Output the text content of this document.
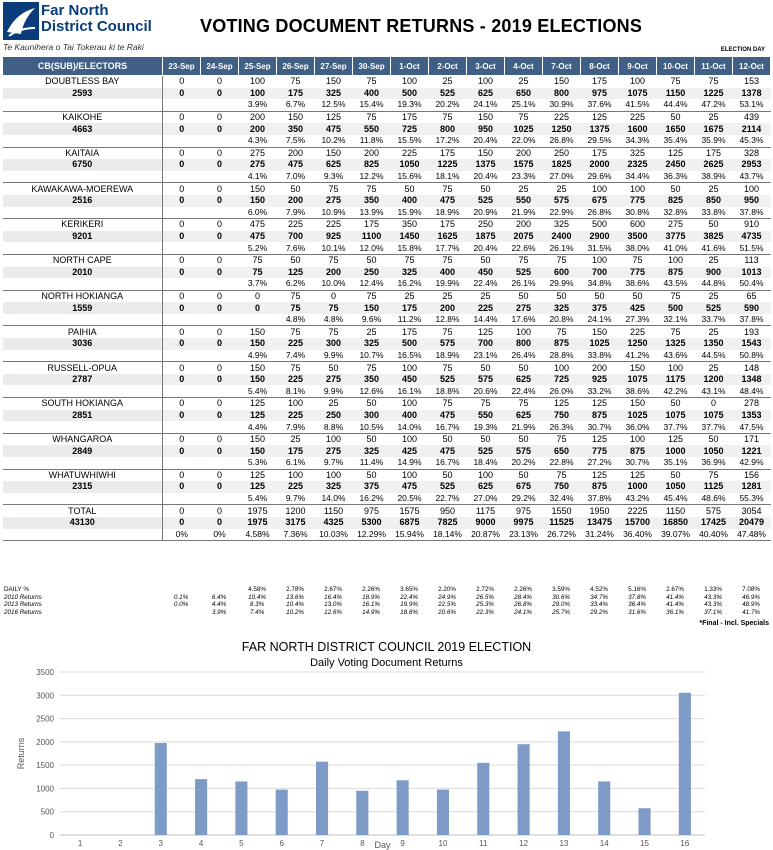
Far North
District Council
Te Kaunihera o Tai Tokerau ki te Raki
VOTING DOCUMENT RETURNS - 2019 ELECTIONS
ELECTION DAY
CB(SUB)/ELECTORS	23-Sep	24-Sep	25-Sep	26-Sep	27-Sep	30-Sep	1-Oct	2-Oct	3-Oct	4-Oct	7-Oct	8-Oct	9-Oct	10-Oct	11-Oct	12-Oct
DOUBTLESS BAY	0	0	100	75	150	75	100	25	100	25	150	175	100	75	75	153
2593	0	0	100	175	325	400	500	525	625	650	800	975	1075	1150	1225	1378
			3.9%	6.7%	12.5%	15.4%	19.3%	20.2%	24.1%	25.1%	30.9%	37.6%	41.5%	44.4%	47.2%	53.1%
KAIKOHE	0	0	200	150	125	75	175	75	150	75	225	125	225	50	25	439
4663	0	0	200	350	475	550	725	800	950	1025	1250	1375	1600	1650	1675	2114
			4.3%	7.5%	10.2%	11.8%	15.5%	17.2%	20.4%	22.0%	26.8%	29.5%	34.3%	35.4%	35.9%	45.3%
KAITAIA	0	0	275	200	150	200	225	175	150	200	250	175	325	125	175	328
6750	0	0	275	475	625	825	1050	1225	1375	1575	1825	2000	2325	2450	2625	2953
			4.1%	7.0%	9.3%	12.2%	15.6%	18.1%	20.4%	23.3%	27.0%	29.6%	34.4%	36.3%	38.9%	43.7%
KAWAKAWA-MOEREWA	0	0	150	50	75	75	50	75	50	25	25	100	100	50	25	100
2516	0	0	150	200	275	350	400	475	525	550	575	675	775	825	850	950
			6.0%	7.9%	10.9%	13.9%	15.9%	18.9%	20.9%	21.9%	22.9%	26.8%	30.8%	32.8%	33.8%	37.8%
KERIKERI	0	0	475	225	225	175	350	175	250	200	325	500	600	275	50	910
9201	0	0	475	700	925	1100	1450	1625	1875	2075	2400	2900	3500	3775	3825	4735
			5.2%	7.6%	10.1%	12.0%	15.8%	17.7%	20.4%	22.6%	26.1%	31.5%	38.0%	41.0%	41.6%	51.5%
NORTH CAPE	0	0	75	50	75	50	75	75	50	75	75	100	75	100	25	113
2010	0	0	75	125	200	250	325	400	450	525	600	700	775	875	900	1013
			3.7%	6.2%	10.0%	12.4%	16.2%	19.9%	22.4%	26.1%	29.9%	34.8%	38.6%	43.5%	44.8%	50.4%
NORTH HOKIANGA	0	0	0	75	0	75	25	25	25	50	50	50	50	75	25	65
1559	0	0	0	75	75	150	175	200	225	275	325	375	425	500	525	590
				4.8%	4.8%	9.6%	11.2%	12.8%	14.4%	17.6%	20.8%	24.1%	27.3%	32.1%	33.7%	37.8%
PAIHIA	0	0	150	75	75	25	175	75	125	100	75	150	225	75	25	193
3036	0	0	150	225	300	325	500	575	700	800	875	1025	1250	1325	1350	1543
			4.9%	7.4%	9.9%	10.7%	16.5%	18.9%	23.1%	26.4%	28.8%	33.8%	41.2%	43.6%	44.5%	50.8%
RUSSELL-OPUA	0	0	150	75	50	75	100	75	50	50	100	200	150	100	25	148
2787	0	0	150	225	275	350	450	525	575	625	725	925	1075	1175	1200	1348
			5.4%	8.1%	9.9%	12.6%	16.1%	18.8%	20.6%	22.4%	26.0%	33.2%	38.6%	42.2%	43.1%	48.4%
SOUTH HOKIANGA	0	0	125	100	25	50	100	75	75	75	125	125	150	50	0	278
2851	0	0	125	225	250	300	400	475	550	625	750	875	1025	1075	1075	1353
			4.4%	7.9%	8.8%	10.5%	14.0%	16.7%	19.3%	21.9%	26.3%	30.7%	36.0%	37.7%	37.7%	47.5%
WHANGAROA	0	0	150	25	100	50	100	50	50	50	75	125	100	125	50	171
2849	0	0	150	175	275	325	425	475	525	575	650	775	875	1000	1050	1221
			5.3%	6.1%	9.7%	11.4%	14.9%	16.7%	18.4%	20.2%	22.8%	27.2%	30.7%	35.1%	36.9%	42.9%
WHATUWHIWHI	0	0	125	100	100	50	100	50	100	50	75	125	125	50	75	156
2315	0	0	125	225	325	375	475	525	625	675	750	875	1000	1050	1125	1281
			5.4%	9.7%	14.0%	16.2%	20.5%	22.7%	27.0%	29.2%	32.4%	37.8%	43.2%	45.4%	48.6%	55.3%
TOTAL	0	0	1975	1200	1150	975	1575	950	1175	975	1550	1950	2225	1150	575	3054
43130	0	0	1975	3175	4325	5300	6875	7825	9000	9975	11525	13475	15700	16850	17425	20479
	0%	0%	4.58%	7.36%	10.03%	12.29%	15.94%	18.14%	20.87%	23.13%	26.72%	31.24%	36.40%	39.07%	40.40%	47.48%
DAILY %			4.58%	2.78%	2.67%	2.26%	3.65%	2.20%	2.72%	2.26%	3.59%	4.52%	5.16%	2.67%	1.33%	7.08%
2010 Returns	0.1%	6.4%	10.4%	13.6%	16.4%	18.9%	22.4%	24.9%	26.5%	28.4%	30.6%	34.7%	37.8%	41.4%	43.3%	46.9%
2013 Returns	0.0%	4.4%	8.3%	10.4%	13.0%	16.1%	19.9%	22.5%	25.3%	26.8%	29.0%	33.4%	36.4%	41.4%	43.3%	48.9%
2016 Returns		3.9%	7.4%	10.2%	12.6%	14.9%	18.8%	20.6%	22.3%	24.1%	25.7%	29.2%	31.6%	36.1%	37.1%	41.7%
*Final - Incl. Specials
FAR NORTH DISTRICT COUNCIL 2019 ELECTION
Daily Voting Document Returns
0
500
1000
1500
2000
2500
3000
3500
1	2	3	4	5	6	7	8	9	10	11	12	13	14	15	16
Day
Returns
